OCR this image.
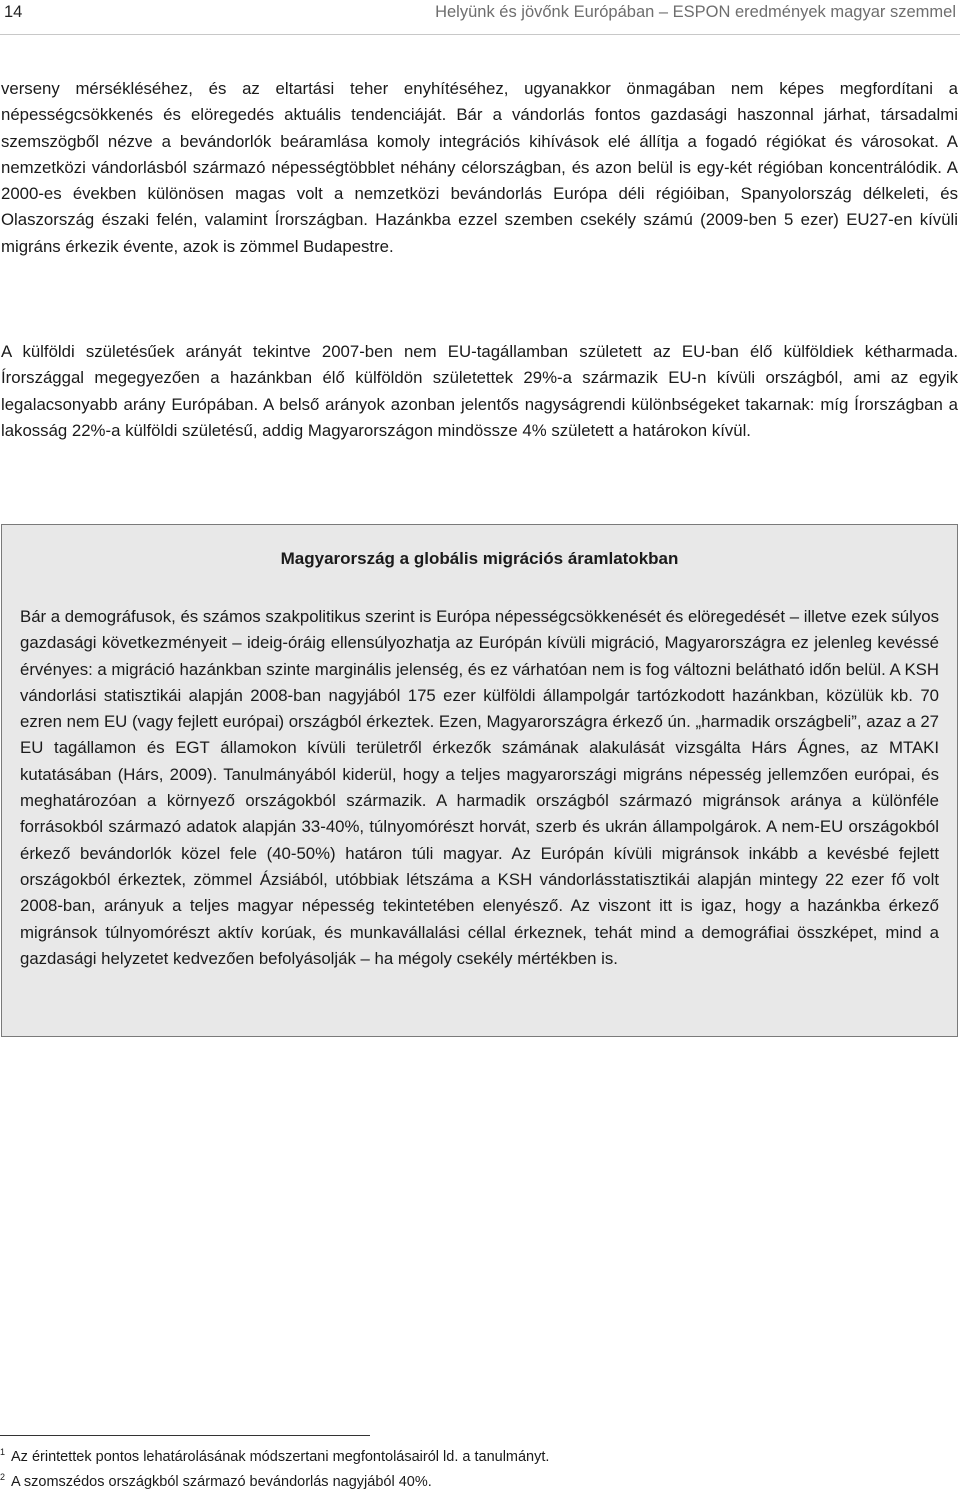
14	Helyünk és jövőnk Európában – ESPON eredmények magyar szemmel

verseny mérsékléséhez, és az eltartási teher enyhítéséhez, ugyanakkor önmagában nem képes megfordítani a népességcsökkenés és elöregedés aktuális tendenciáját. Bár a vándorlás fontos gazdasági haszonnal járhat, társadalmi szemszögből nézve a bevándorlók beáramlása komoly integrációs kihívások elé állítja a fogadó régiókat és városokat. A nemzetközi vándorlásból származó népességtöbblet néhány célországban, és azon belül is egy-két régióban koncentrálódik. A 2000-es években különösen magas volt a nemzetközi bevándorlás Európa déli régióiban, Spanyolország délkeleti, és Olaszország északi felén, valamint Írországban. Hazánkba ezzel szemben csekély számú (2009-ben 5 ezer) EU27-en kívüli migráns érkezik évente, azok is zömmel Budapestre.

A külföldi születésűek arányát tekintve 2007-ben nem EU-tagállamban született az EU-ban élő külföldiek kétharmada. Írországgal megegyezően a hazánkban élő külföldön születettek 29%-a származik EU-n kívüli országból, ami az egyik legalacsonyabb arány Európában. A belső arányok azonban jelentős nagyságrendi különbségeket takarnak: míg Írországban a lakosság 22%-a külföldi születésű, addig Magyarországon mindössze 4% született a határokon kívül.

Magyarország a globális migrációs áramlatokban

Bár a demográfusok, és számos szakpolitikus szerint is Európa népességcsökkenését és elöregedését – illetve ezek súlyos gazdasági következményeit – ideig-óráig ellensúlyozhatja az Európán kívüli migráció, Magyarországra ez jelenleg kevéssé érvényes: a migráció hazánkban szinte marginális jelenség, és ez várhatóan nem is fog változni belátható időn belül. A KSH vándorlási statisztikái alapján 2008-ban nagyjából 175 ezer külföldi állampolgár tartózkodott hazánkban, közülük kb. 70 ezren nem EU (vagy fejlett európai) országból érkeztek. Ezen, Magyarországra érkező ún. „harmadik országbeli”, azaz a 27 EU tagállamon és EGT államokon kívüli területről érkezők számának alakulását vizsgálta Hárs Ágnes, az MTAKI kutatásában (Hárs, 2009). Tanulmányából kiderül, hogy a teljes magyarországi migráns népesség jellemzően európai, és meghatározóan a környező országokból származik. A harmadik országból származó migránsok aránya a különféle forrásokból származó adatok alapján 33-40%, túlnyomórészt horvát, szerb és ukrán állampolgárok. A nem-EU országokból érkező bevándorlók közel fele (40-50%) határon túli magyar. Az Európán kívüli migránsok inkább a kevésbé fejlett országokból érkeztek, zömmel Ázsiából, utóbbiak létszáma a KSH vándorlásstatisztikái alapján mintegy 22 ezer fő volt 2008-ban, arányuk a teljes magyar népesség tekintetében elenyésző. Az viszont itt is igaz, hogy a hazánkba érkező migránsok túlnyomórészt aktív korúak, és munkavállalási céllal érkeznek, tehát mind a demográfiai összképet, mind a gazdasági helyzetet kedvezően befolyásolják – ha mégoly csekély mértékben is.

$^1$ Az érintettek pontos lehatárolásának módszertani megfontolásairól ld. a tanulmányt.
$^2$ A szomszédos országkból származó bevándorlás nagyjából 40%.
